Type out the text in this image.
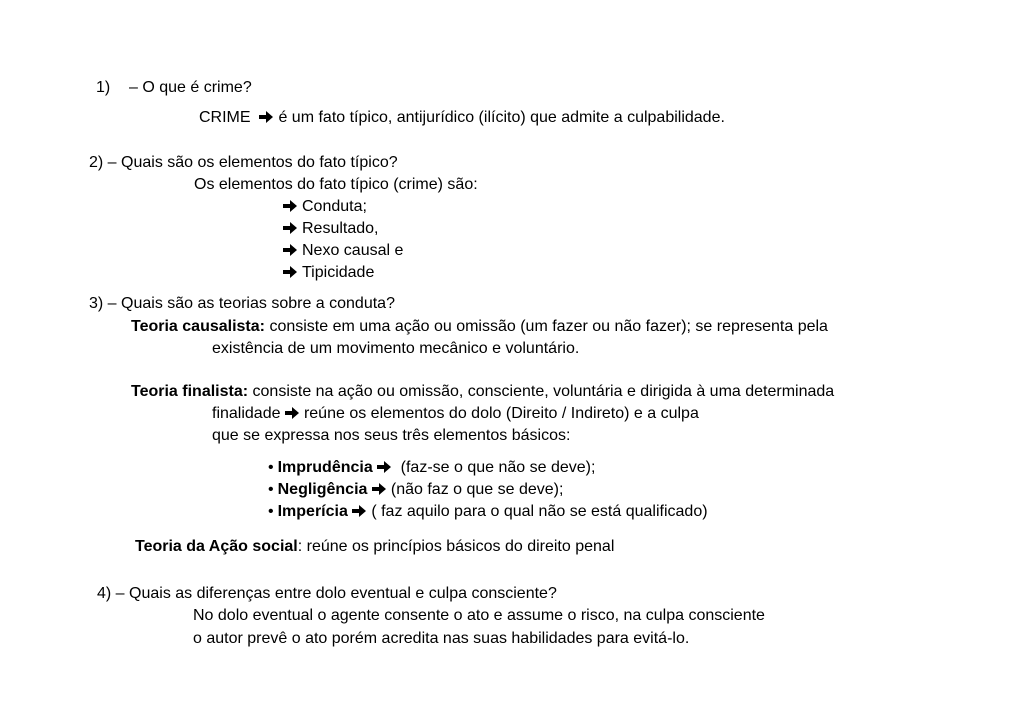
1) – O que é crime?
CRIME é um fato típico, antijurídico (ilícito) que admite a culpabilidade.
2) – Quais são os elementos do fato típico?
Os elementos do fato típico (crime) são:
Conduta;
Resultado,
Nexo causal e
Tipicidade
3) – Quais são as teorias sobre a conduta?
Teoria causalista: consiste em uma ação ou omissão (um fazer ou não fazer); se representa pela
existência de um movimento mecânico e voluntário.
Teoria finalista: consiste na ação ou omissão, consciente, voluntária e dirigida à uma determinada
finalidade reúne os elementos do dolo (Direito / Indireto) e a culpa
que se expressa nos seus três elementos básicos:
• Imprudência
(faz-se o que não se deve);
• Negligência (não faz o que se deve);
• Imperícia ( faz aquilo para o qual não se está qualificado)
Teoria da Ação social: reúne os princípios básicos do direito penal
4) – Quais as diferenças entre dolo eventual e culpa consciente?
No dolo eventual o agente consente o ato e assume o risco, na culpa consciente
o autor prevê o ato porém acredita nas suas habilidades para evitá-lo.
